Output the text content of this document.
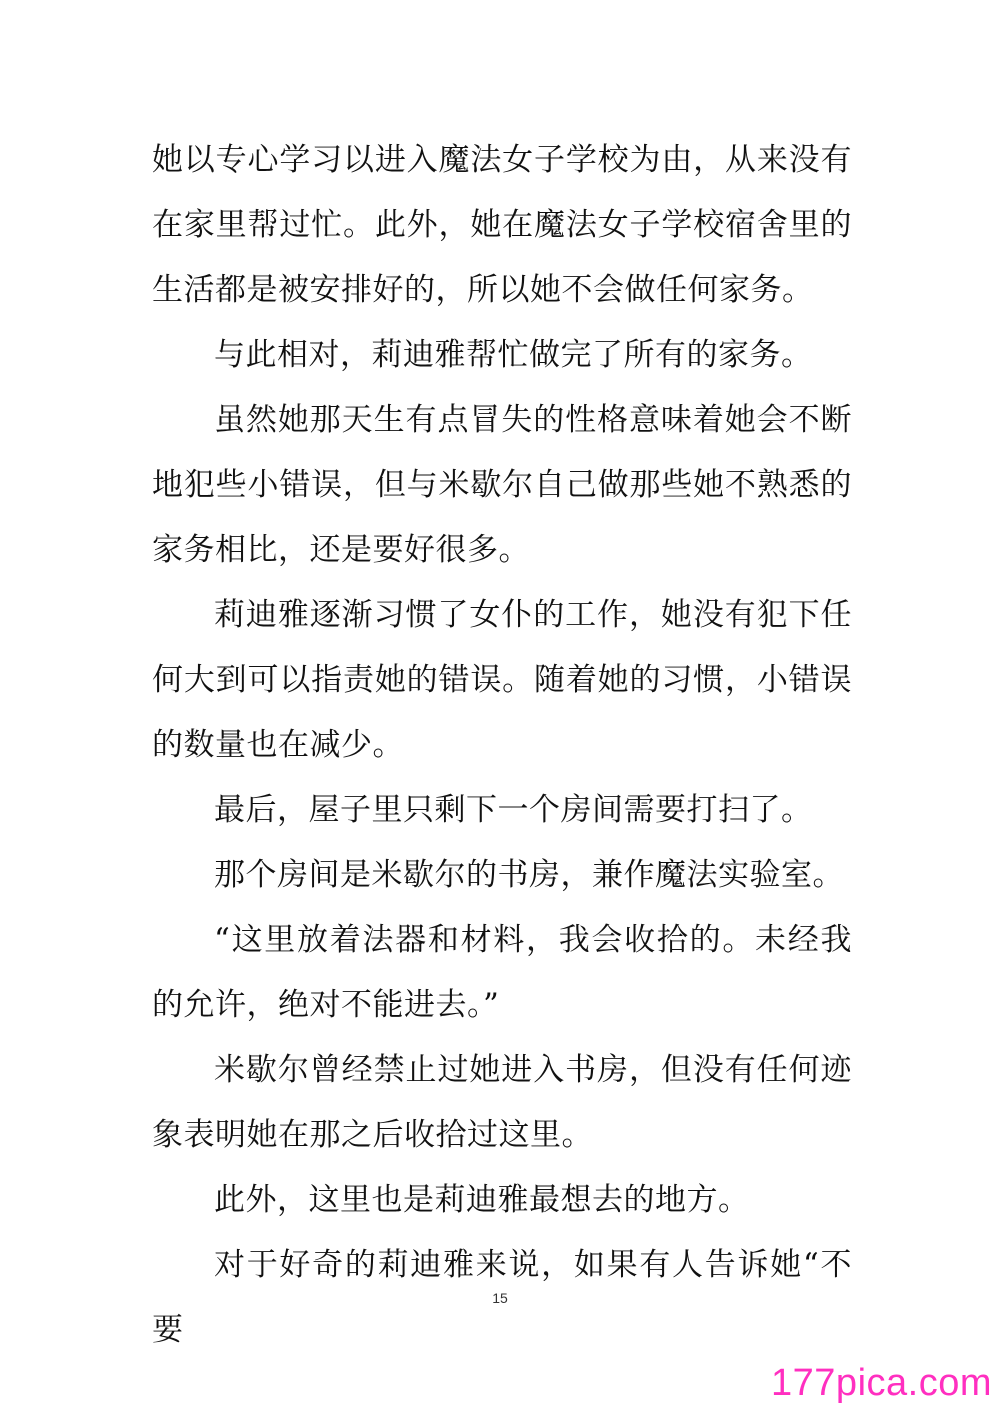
她以专心学习以进入魔法女子学校为由，从来没有在家里帮过忙。此外，她在魔法女子学校宿舍里的生活都是被安排好的，所以她不会做任何家务。

与此相对，莉迪雅帮忙做完了所有的家务。

虽然她那天生有点冒失的性格意味着她会不断地犯些小错误，但与米歇尔自己做那些她不熟悉的家务相比，还是要好很多。

莉迪雅逐渐习惯了女仆的工作，她没有犯下任何大到可以指责她的错误。随着她的习惯，小错误的数量也在减少。

最后，屋子里只剩下一个房间需要打扫了。

那个房间是米歇尔的书房，兼作魔法实验室。

“这里放着法器和材料，我会收拾的。未经我的允许，绝对不能进去。”

米歇尔曾经禁止过她进入书房，但没有任何迹象表明她在那之后收拾过这里。

此外，这里也是莉迪雅最想去的地方。

对于好奇的莉迪雅来说，如果有人告诉她“不要

15
177pica.com
